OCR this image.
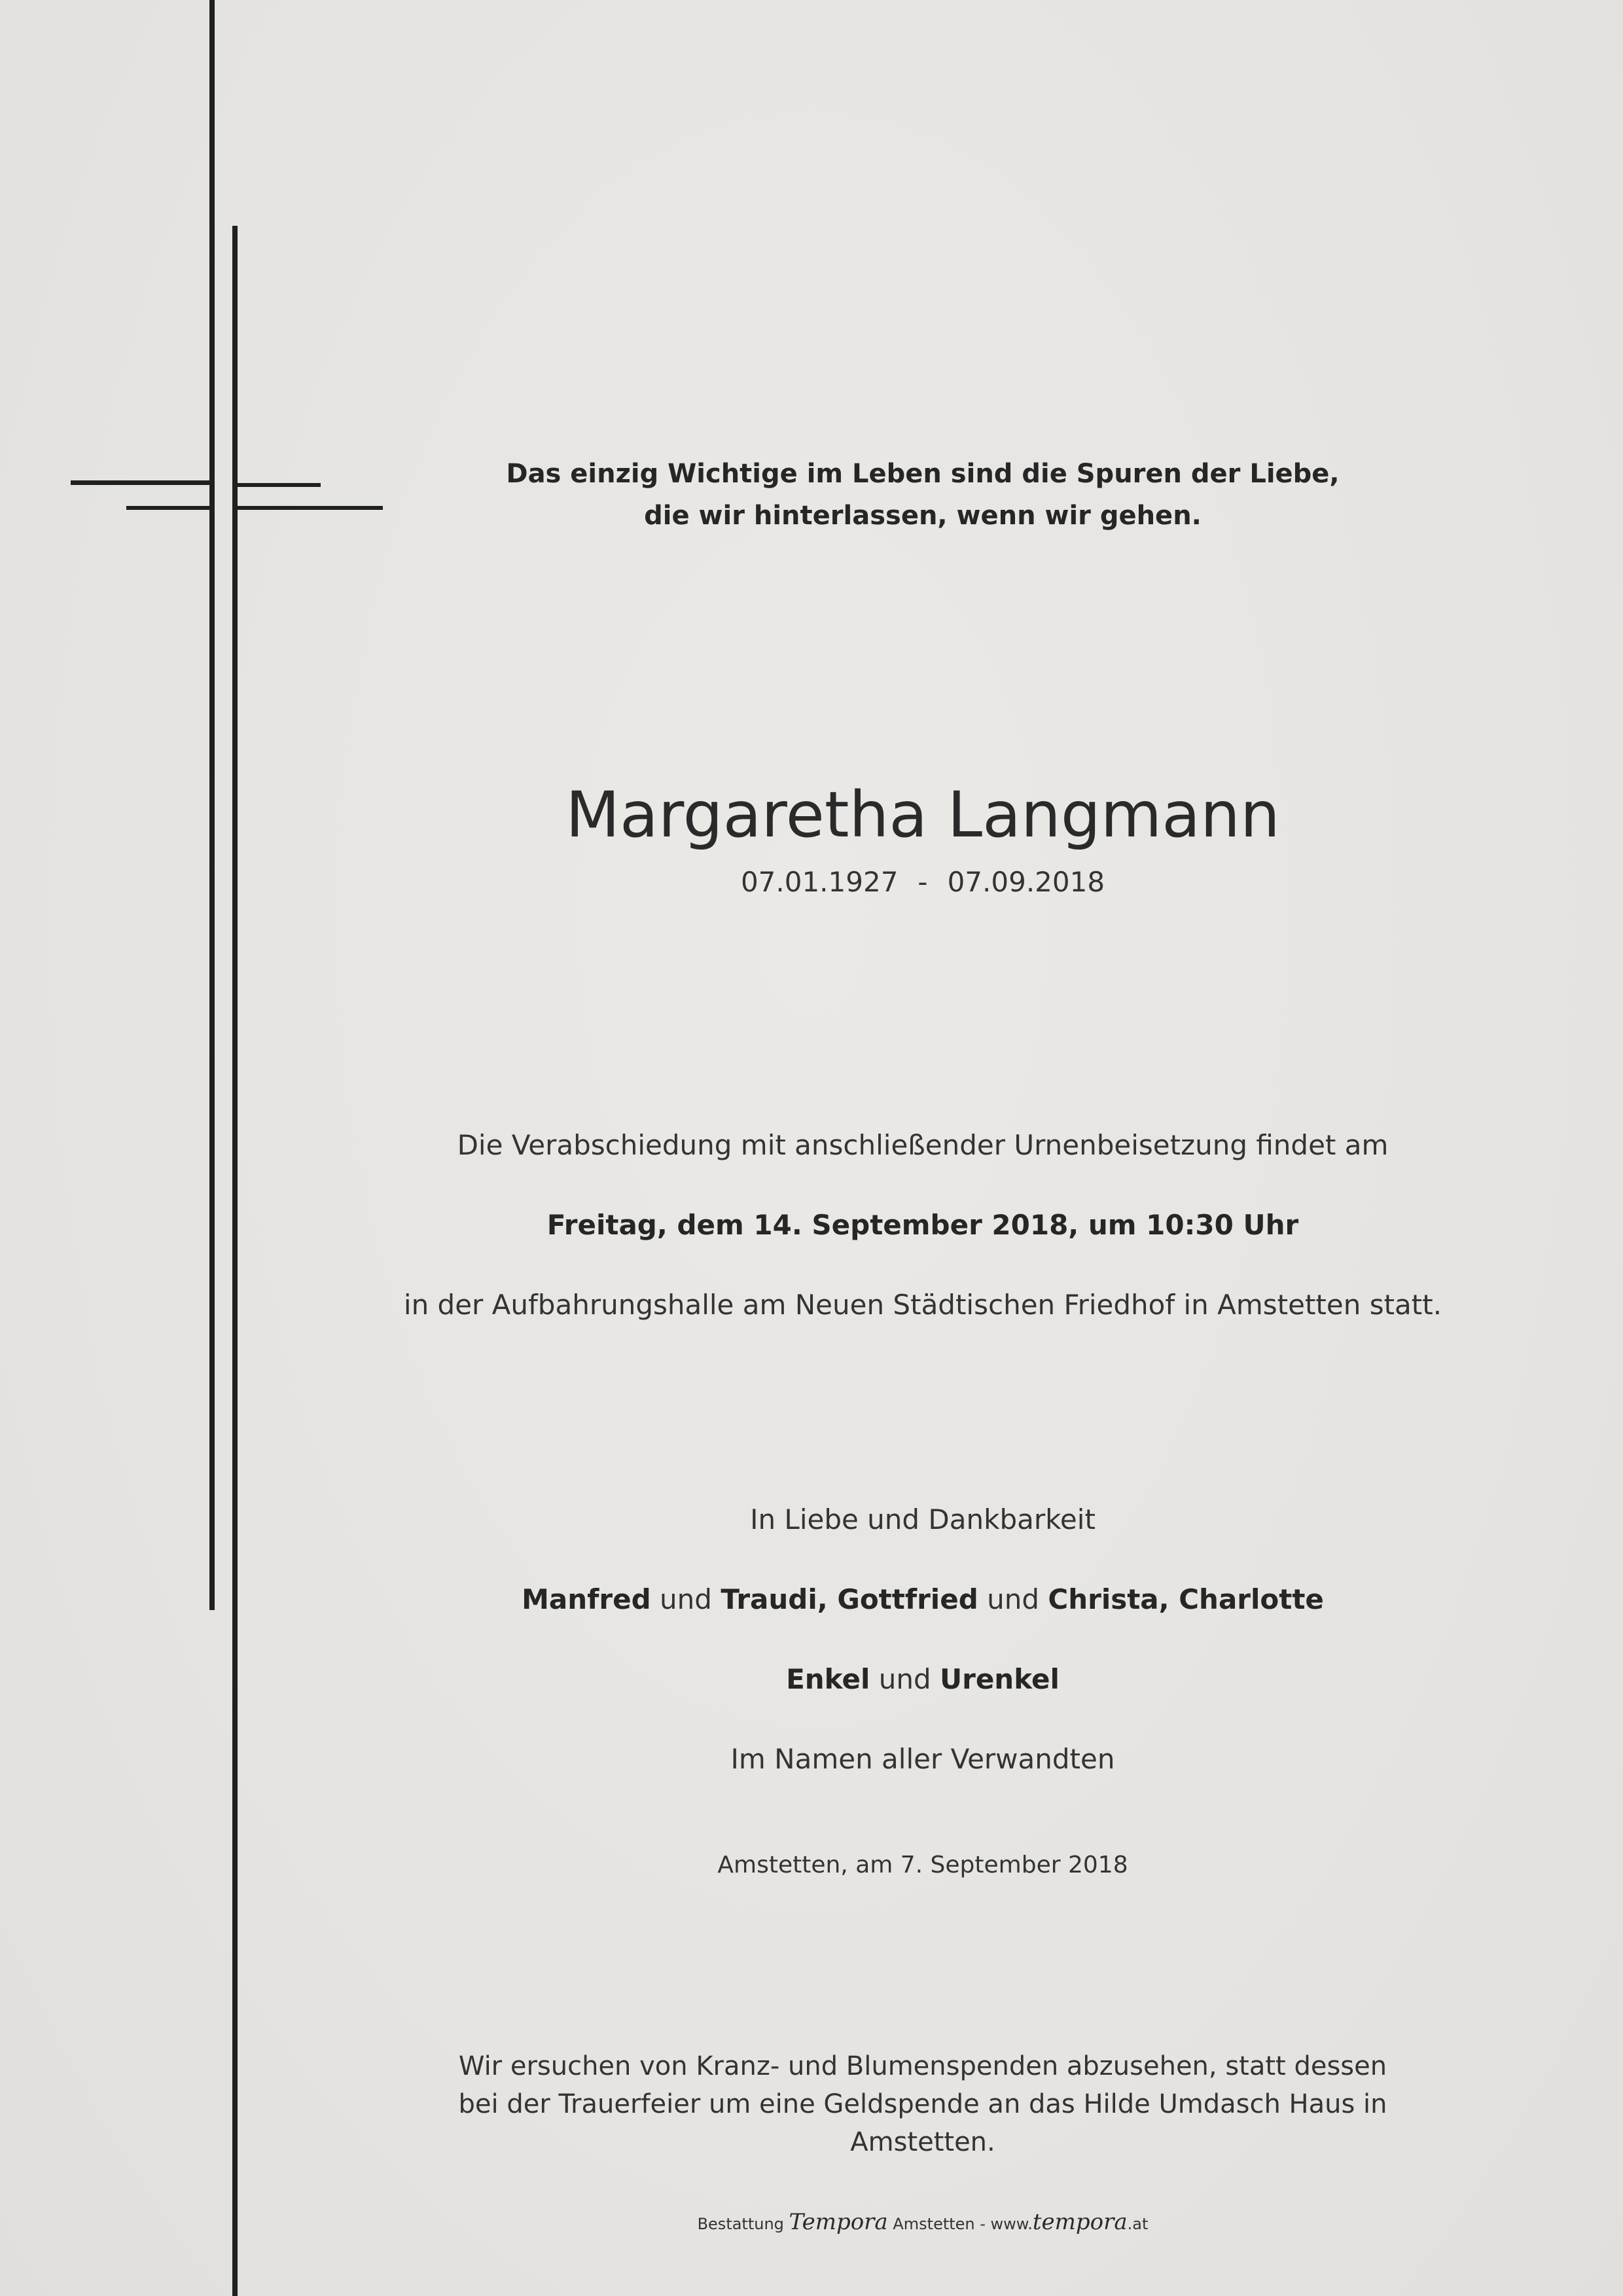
Das einzig Wichtige im Leben sind die Spuren der Liebe,
die wir hinterlassen, wenn wir gehen.
Margaretha Langmann
07.01.1927 - 07.09.2018
Die Verabschiedung mit anschließender Urnenbeisetzung findet am
Freitag, dem 14. September 2018, um 10:30 Uhr
in der Aufbahrungshalle am Neuen Städtischen Friedhof in Amstetten statt.
In Liebe und Dankbarkeit
Manfred und Traudi, Gottfried und Christa, Charlotte
Enkel und Urenkel
Im Namen aller Verwandten
Amstetten, am 7. September 2018
Wir ersuchen von Kranz- und Blumenspenden abzusehen, statt dessen
bei der Trauerfeier um eine Geldspende an das Hilde Umdasch Haus in Amstetten.
Bestattung Tempora Amstetten - www.tempora.at
